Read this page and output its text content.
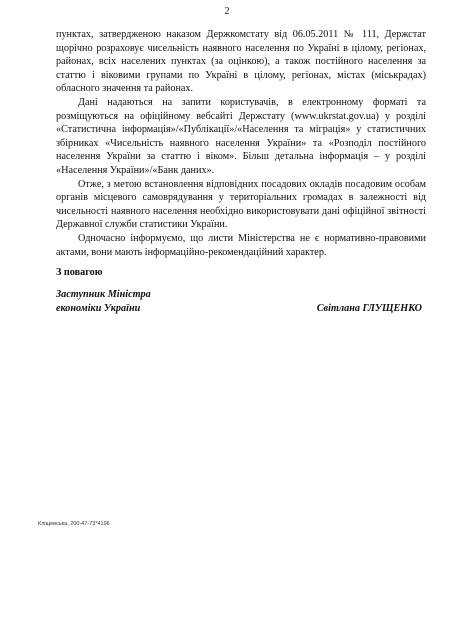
2

пунктах, затвердженою наказом Держкомстату від 06.05.2011 № 111, Держстат щорічно розраховує чисельність наявного населення по Україні в цілому, регіонах, районах, всіх населених пунктах (за оцінкою), а також постійного населення за статтю і віковими групами по Україні в цілому, регіонах, містах (міськрадах) обласного значення та районах.

Дані надаються на запити користувачів, в електронному форматі та розміщуються на офіційному вебсайті Держстату (www.ukrstat.gov.ua) у розділі «Статистична інформація»/«Публікації»/«Населення та міграція» у статистичних збірниках «Чисельність наявного населення України» та «Розподіл постійного населення України за статтю і віком». Більш детальна інформація – у розділі «Населення України»/«Банк даних».

Отже, з метою встановлення відповідних посадових окладів посадовим особам органів місцевого самоврядування у територіальних громадах в залежності від чисельності наявного населення необхідно використовувати дані офіційної звітності Державної служби статистики України.

Одночасно інформуємо, що листи Міністерства не є нормативно-правовими актами, вони мають інформаційно-рекомендаційний характер.

З повагою
Заступник Міністра
економіки України	Світлана ГЛУЩЕНКО
Кліщевська, 200-47-73*4196
